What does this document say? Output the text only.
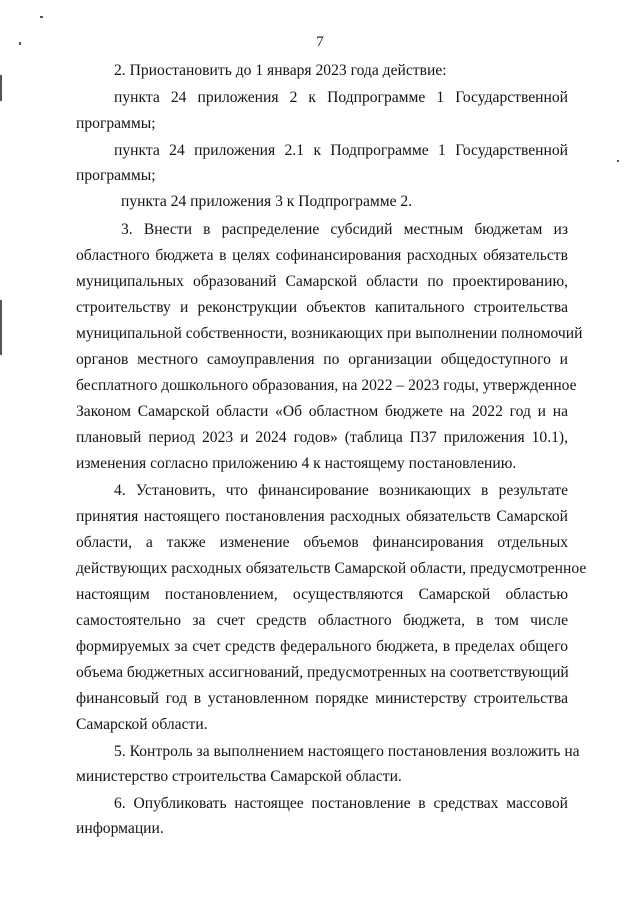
7
2. Приостановить до 1 января 2023 года действие:
пункта 24 приложения 2 к Подпрограмме 1 Государственной
программы;
пункта 24 приложения 2.1 к Подпрограмме 1 Государственной
программы;
пункта 24 приложения 3 к Подпрограмме 2.
3. Внести в распределение субсидий местным бюджетам из
областного бюджета в целях софинансирования расходных обязательств
муниципальных образований Самарской области по проектированию,
строительству и реконструкции объектов капитального строительства
муниципальной собственности, возникающих при выполнении полномочий
органов местного самоуправления по организации общедоступного и
бесплатного дошкольного образования, на 2022 – 2023 годы, утвержденное
Законом Самарской области «Об областном бюджете на 2022 год и на
плановый период 2023 и 2024 годов» (таблица П37 приложения 10.1),
изменения согласно приложению 4 к настоящему постановлению.
4. Установить, что финансирование возникающих в результате
принятия настоящего постановления расходных обязательств Самарской
области, а также изменение объемов финансирования отдельных
действующих расходных обязательств Самарской области, предусмотренное
настоящим постановлением, осуществляются Самарской областью
самостоятельно за счет средств областного бюджета, в том числе
формируемых за счет средств федерального бюджета, в пределах общего
объема бюджетных ассигнований, предусмотренных на соответствующий
финансовый год в установленном порядке министерству строительства
Самарской области.
5. Контроль за выполнением настоящего постановления возложить на
министерство строительства Самарской области.
6. Опубликовать настоящее постановление в средствах массовой
информации.
